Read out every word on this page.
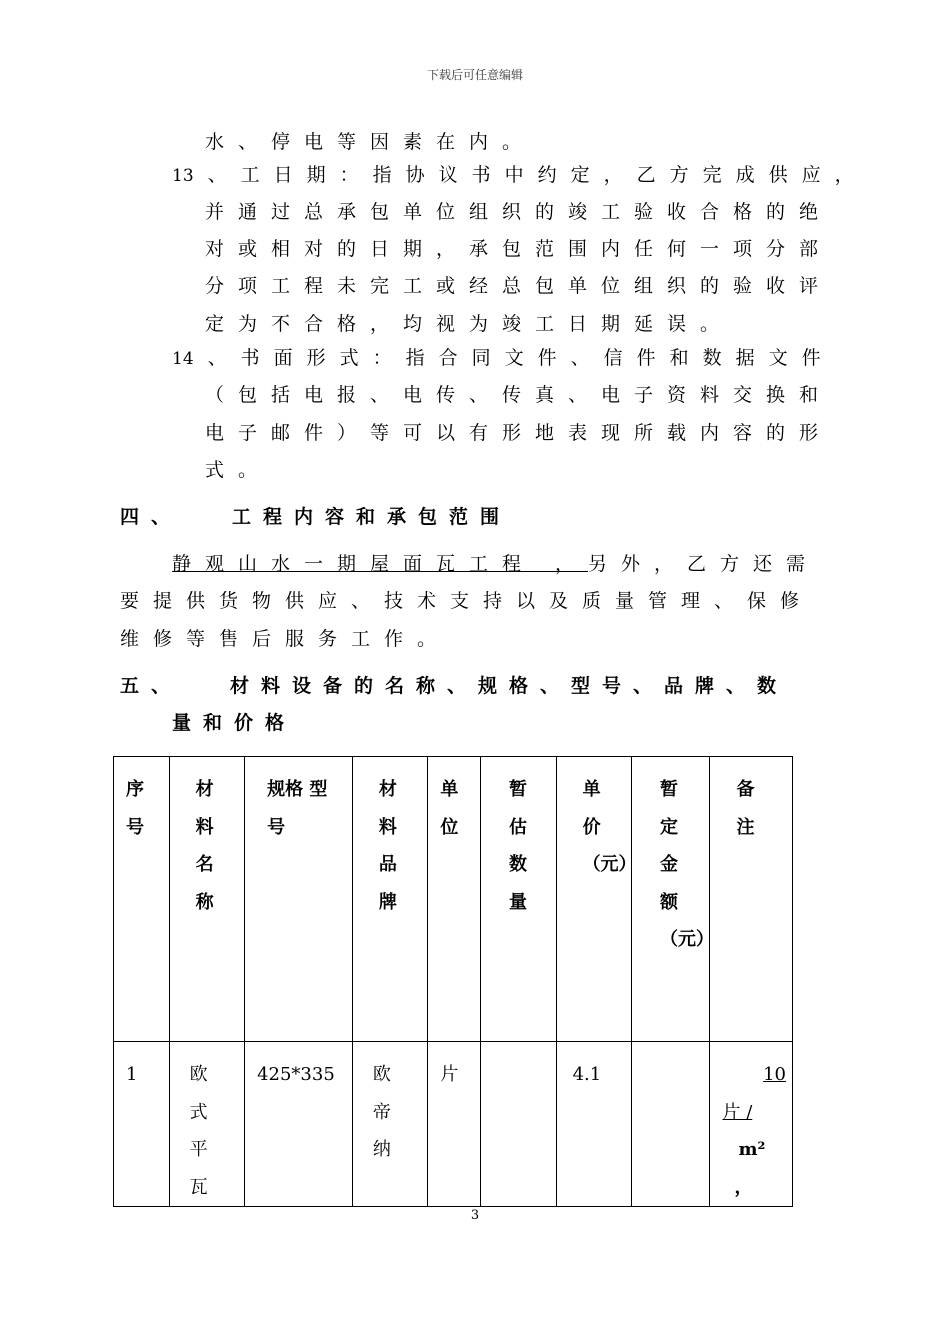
下载后可任意编辑
水、停电等因素在内。
13 、工日期：指协议书中约定，乙方完成供应，
并通过总承包单位组织的竣工验收合格的绝
对或相对的日期，承包范围内任何一项分部
分项工程未完工或经总包单位组织的验收评
定为不合格，均视为竣工日期延误。
14 、书面形式：指合同文件、信件和数据文件
（包括电报、电传、传真、电子资料交换和
电子邮件）等可以有形地表现所载内容的形
式。
四、	工程内容和承包范围
静观山水一期屋面瓦工程 ，另外，乙方还需
要提供货物供应、技术支持以及质量管理、保修
维修等售后服务工作。
五、	材料设备的名称、规格、型号、品牌、数
量和价格
序号	材料名称	规格 型号	材料品牌	单位	暂估数量	单价（元）	暂定金额（元）	备注

1	欧式平瓦	425*335	欧帝纳	片		4.1		10
片 /
m²
，
3
